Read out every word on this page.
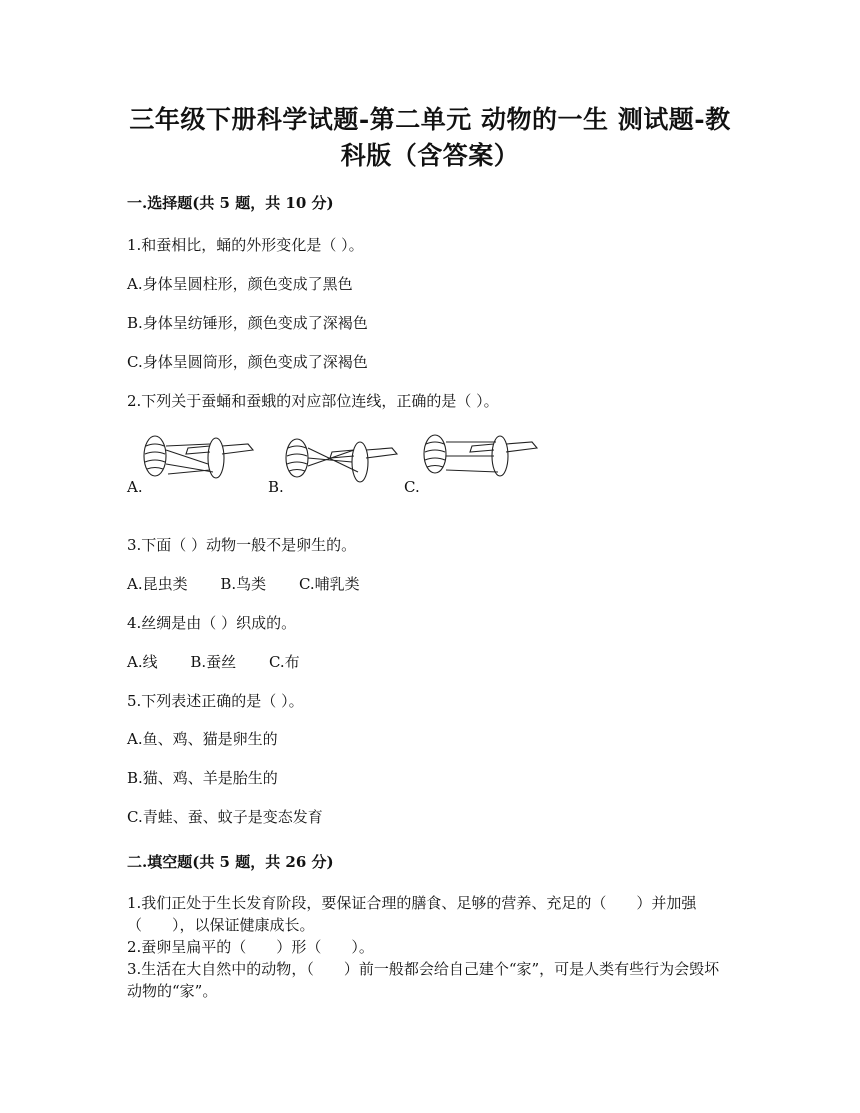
三年级下册科学试题-第二单元 动物的一生 测试题-教
科版（含答案）
一.选择题(共 5 题，共 10 分)
1.和蚕相比，蛹的外形变化是（ ）。
A.身体呈圆柱形，颜色变成了黑色
B.身体呈纺锤形，颜色变成了深褐色
C.身体呈圆筒形，颜色变成了深褐色
2.下列关于蚕蛹和蚕蛾的对应部位连线，正确的是（ ）。
A.	B.	C.
3.下面（ ）动物一般不是卵生的。
A.昆虫类 B.鸟类 C.哺乳类
4.丝绸是由（ ）织成的。
A.线 B.蚕丝 C.布
5.下列表述正确的是（ ）。
A.鱼、鸡、猫是卵生的
B.猫、鸡、羊是胎生的
C.青蛙、蚕、蚊子是变态发育
二.填空题(共 5 题，共 26 分)
1.我们正处于生长发育阶段，要保证合理的膳食、足够的营养、充足的（　　）并加强（　　），以保证健康成长。
2.蚕卵呈扁平的（　　）形（　　）。
3.生活在大自然中的动物，（　　）前一般都会给自己建个“家”，可是人类有些行为会毁坏动物的“家”。
